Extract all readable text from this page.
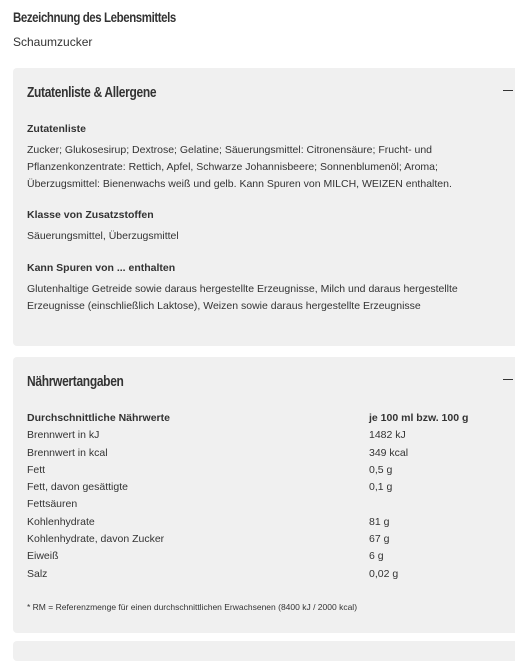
Bezeichnung des Lebensmittels
Schaumzucker
Zutatenliste & Allergene
Zutatenliste
Zucker; Glukosesirup; Dextrose; Gelatine; Säuerungsmittel: Citronensäure; Frucht- und Pflanzenkonzentrate: Rettich, Apfel, Schwarze Johannisbeere; Sonnenblumenöl; Aroma; Überzugsmittel: Bienenwachs weiß und gelb. Kann Spuren von MILCH, WEIZEN enthalten.
Klasse von Zusatzstoffen
Säuerungsmittel, Überzugsmittel
Kann Spuren von ... enthalten
Glutenhaltige Getreide sowie daraus hergestellte Erzeugnisse, Milch und daraus hergestellte Erzeugnisse (einschließlich Laktose), Weizen sowie daraus hergestellte Erzeugnisse
Nährwertangaben
Durchschnittliche Nährwerte	je 100 ml bzw. 100 g
Brennwert in kJ	1482 kJ
Brennwert in kcal	349 kcal
Fett	0,5 g
Fett, davon gesättigte	0,1 g
Fettsäuren
Kohlenhydrate	81 g
Kohlenhydrate, davon Zucker	67 g
Eiweiß	6 g
Salz	0,02 g
* RM = Referenzmenge für einen durchschnittlichen Erwachsenen (8400 kJ / 2000 kcal)
